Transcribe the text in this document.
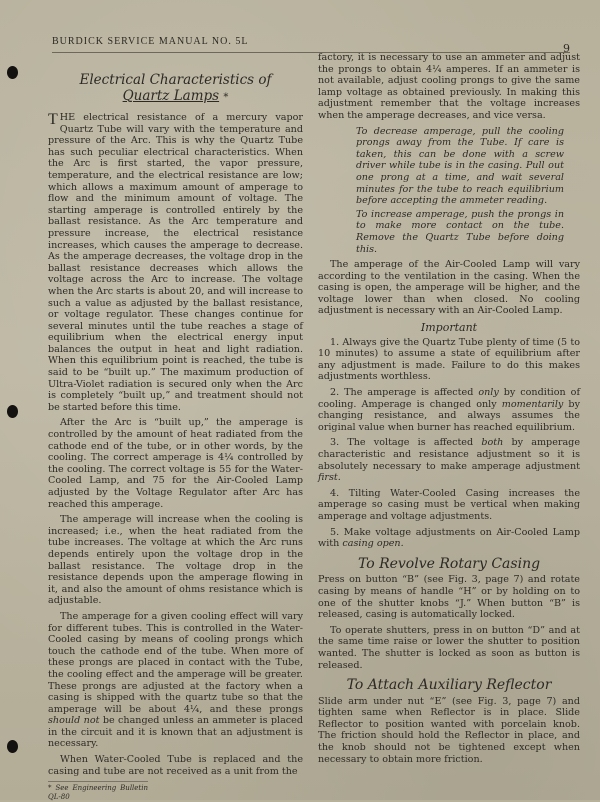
BURDICK SERVICE MANUAL NO. 5L
9
Electrical Characteristics of
Quartz Lamps *

THE electrical resistance of a mercury vapor Quartz Tube will vary with the temperature and pressure of the Arc. This is why the Quartz Tube has such peculiar electrical characteristics. When the Arc is first started, the vapor pressure, temperature, and the electrical resistance are low; which allows a maximum amount of amperage to flow and the minimum amount of voltage. The starting amperage is controlled entirely by the ballast resistance. As the Arc temperature and pressure increase, the electrical resistance increases, which causes the amperage to decrease. As the amperage decreases, the voltage drop in the ballast resistance decreases which allows the voltage across the Arc to increase. The voltage when the Arc starts is about 20, and will increase to such a value as adjusted by the ballast resistance, or voltage regulator. These changes continue for several minutes until the tube reaches a stage of equilibrium when the electrical energy input balances the output in heat and light radiation. When this equilibrium point is reached, the tube is said to be “built up.” The maximum production of Ultra-Violet radiation is secured only when the Arc is completely “built up,” and treatment should not be started before this time.

After the Arc is “built up,” the amperage is controlled by the amount of heat radiated from the cathode end of the tube, or in other words, by the cooling. The correct amperage is 4¼ controlled by the cooling. The correct voltage is 55 for the Water-Cooled Lamp, and 75 for the Air-Cooled Lamp adjusted by the Voltage Regulator after Arc has reached this amperage.

The amperage will increase when the cooling is increased; i.e., when the heat radiated from the tube increases. The voltage at which the Arc runs depends entirely upon the voltage drop in the ballast resistance. The voltage drop in the resistance depends upon the amperage flowing in it, and also the amount of ohms resistance which is adjustable.

The amperage for a given cooling effect will vary for different tubes. This is controlled in the Water-Cooled casing by means of cooling prongs which touch the cathode end of the tube. When more of these prongs are placed in contact with the Tube, the cooling effect and the amperage will be greater. These prongs are adjusted at the factory when a casing is shipped with the quartz tube so that the amperage will be about 4¼, and these prongs should not be changed unless an ammeter is placed in the circuit and it is known that an adjustment is necessary.

When Water-Cooled Tube is replaced and the casing and tube are not received as a unit from the

* See Engineering Bulletin QL-80

factory, it is necessary to use an ammeter and adjust the prongs to obtain 4¼ amperes. If an ammeter is not available, adjust cooling prongs to give the same lamp voltage as obtained previously. In making this adjustment remember that the voltage increases when the amperage decreases, and vice versa.

To decrease amperage, pull the cooling prongs away from the Tube. If care is taken, this can be done with a screw driver while tube is in the casing. Pull out one prong at a time, and wait several minutes for the tube to reach equilibrium before accepting the ammeter reading.

To increase amperage, push the prongs in to make more contact on the tube. Remove the Quartz Tube before doing this.

The amperage of the Air-Cooled Lamp will vary according to the ventilation in the casing. When the casing is open, the amperage will be higher, and the voltage lower than when closed. No cooling adjustment is necessary with an Air-Cooled Lamp.

Important

1. Always give the Quartz Tube plenty of time (5 to 10 minutes) to assume a state of equilibrium after any adjustment is made. Failure to do this makes adjustments worthless.

2. The amperage is affected only by condition of cooling. Amperage is changed only momentarily by changing resistance, and always assumes the original value when burner has reached equilibrium.

3. The voltage is affected both by amperage characteristic and resistance adjustment so it is absolutely necessary to make amperage adjustment first.

4. Tilting Water-Cooled Casing increases the amperage so casing must be vertical when making amperage and voltage adjustments.

5. Make voltage adjustments on Air-Cooled Lamp with casing open.

To Revolve Rotary Casing

Press on button “B” (see Fig. 3, page 7) and rotate casing by means of handle “H” or by holding on to one of the shutter knobs “J.” When button “B” is released, casing is automatically locked.

To operate shutters, press in on button “D” and at the same time raise or lower the shutter to position wanted. The shutter is locked as soon as button is released.

To Attach Auxiliary Reflector

Slide arm under nut “E” (see Fig. 3, page 7) and tighten same when Reflector is in place. Slide Reflector to position wanted with porcelain knob. The friction should hold the Reflector in place, and the knob should not be tightened except when necessary to obtain more friction.
